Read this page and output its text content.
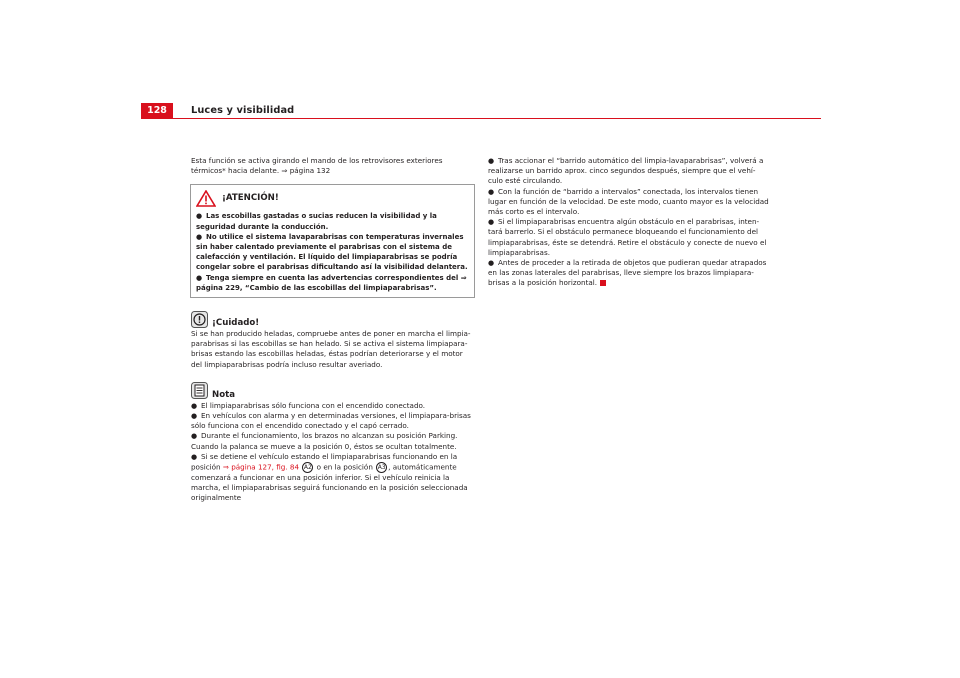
128	Luces y visibilidad

Esta función se activa girando el mando de los retrovisores exteriores térmicos* hacia delante. ⇒ página 132

¡ATENCIÓN!

● Las escobillas gastadas o sucias reducen la visibilidad y la seguridad durante la conducción.

● No utilice el sistema lavaparabrisas con temperaturas invernales sin haber calentado previamente el parabrisas con el sistema de calefacción y ventilación. El líquido del limpiaparabrisas se podría congelar sobre el parabrisas dificultando así la visibilidad delantera.

● Tenga siempre en cuenta las advertencias correspondientes del ⇒ página 229, “Cambio de las escobillas del limpiaparabrisas”.

¡Cuidado!

Si se han producido heladas, compruebe antes de poner en marcha el limpia-parabrisas si las escobillas se han helado. Si se activa el sistema limpiapara-brisas estando las escobillas heladas, éstas podrían deteriorarse y el motor del limpiaparabrisas podría incluso resultar averiado.

Nota

● El limpiaparabrisas sólo funciona con el encendido conectado.

● En vehículos con alarma y en determinadas versiones, el limpiapara-brisas sólo funciona con el encendido conectado y el capó cerrado.

● Durante el funcionamiento, los brazos no alcanzan su posición Parking. Cuando la palanca se mueve a la posición 0, éstos se ocultan totalmente.

● Si se detiene el vehículo estando el limpiaparabrisas funcionando en la posición ⇒ página 127, fig. 84 A2 o en la posición A3 , automáticamente comenzará a funcionar en una posición inferior. Si el vehículo reinicia la marcha, el limpiaparabrisas seguirá funcionando en la posición seleccionada originalmente

● Tras accionar el “barrido automático del limpia-lavaparabrisas”, volverá a realizarse un barrido aprox. cinco segundos después, siempre que el vehí-culo esté circulando.

● Con la función de “barrido a intervalos” conectada, los intervalos tienen lugar en función de la velocidad. De este modo, cuanto mayor es la velocidad más corto es el intervalo.

● Si el limpiaparabrisas encuentra algún obstáculo en el parabrisas, inten-tará barrerlo. Si el obstáculo permanece bloqueando el funcionamiento del limpiaparabrisas, éste se detendrá. Retire el obstáculo y conecte de nuevo el limpiaparabrisas.

● Antes de proceder a la retirada de objetos que pudieran quedar atrapados en las zonas laterales del parabrisas, lleve siempre los brazos limpiapara-brisas a la posición horizontal.
